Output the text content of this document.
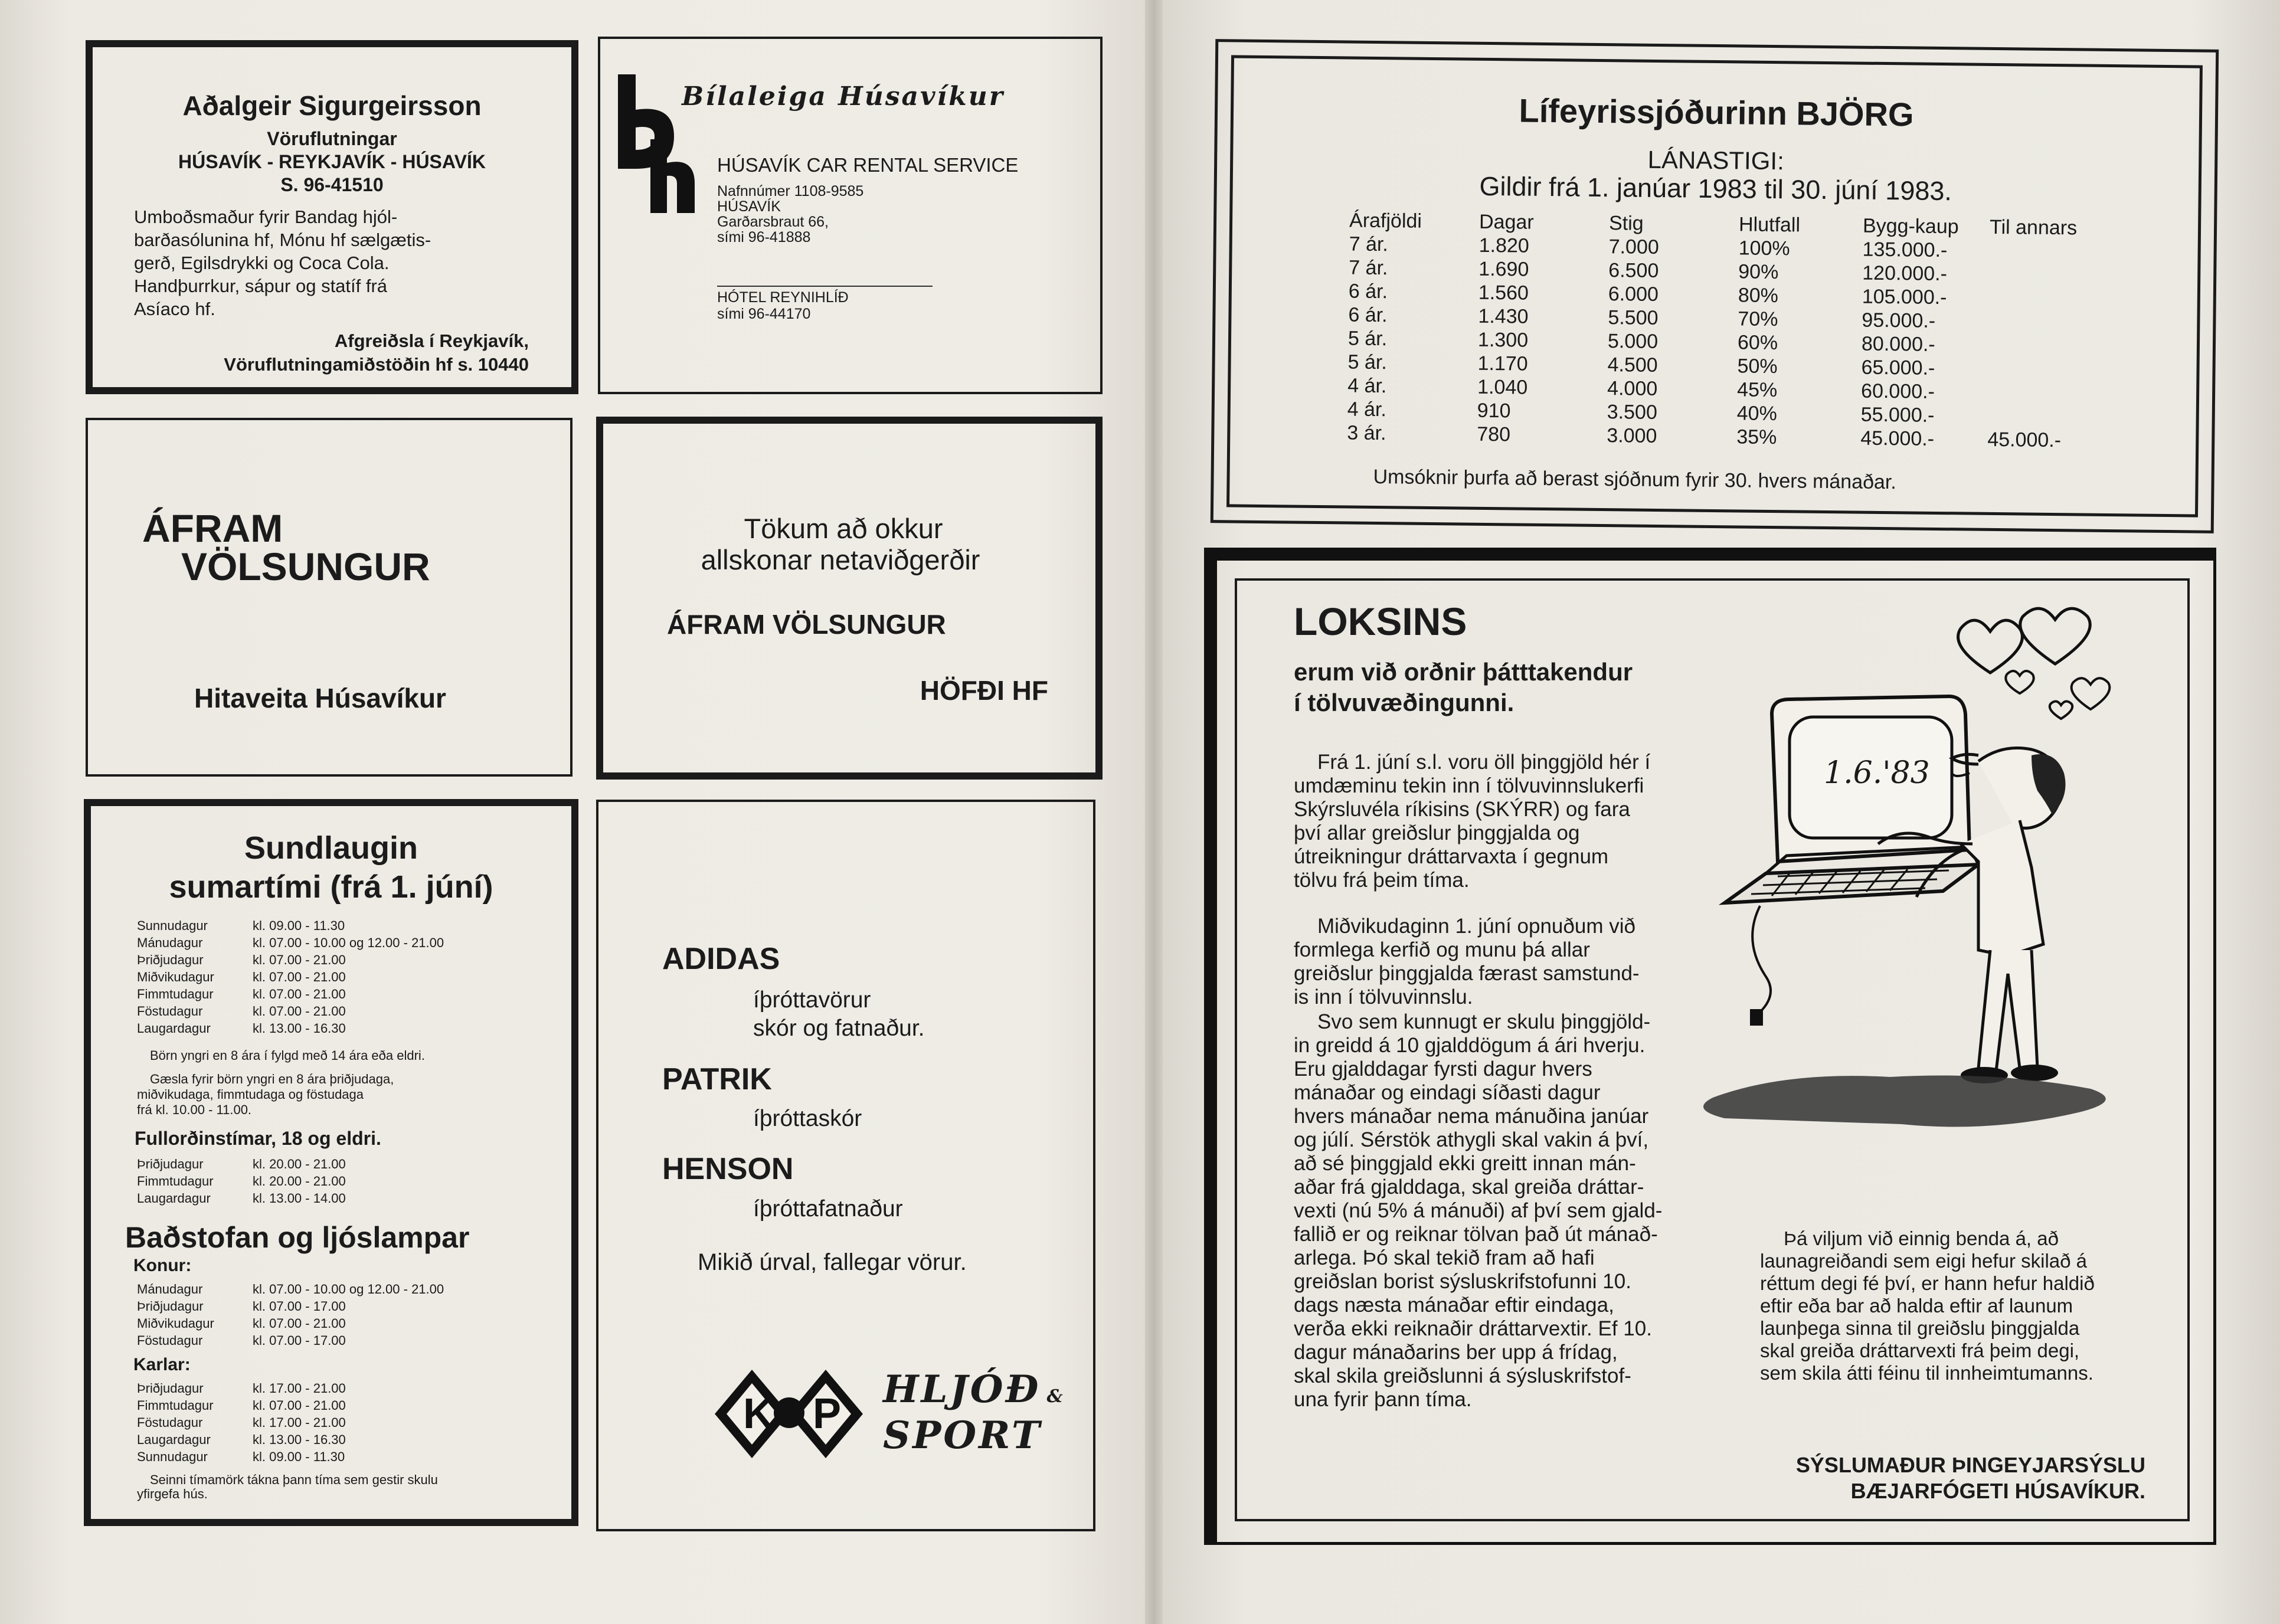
Aðalgeir Sigurgeirsson
Vöruflutningar
HÚSAVÍK - REYKJAVÍK - HÚSAVÍK
S. 96-41510
Umboðsmaður fyrir Bandag hjól-
barðasólunina hf, Mónu hf sælgætis-
gerð, Egilsdrykki og Coca Cola.
Handþurrkur, sápur og statíf frá
Asíaco hf.
Afgreiðsla í Reykjavík,
Vöruflutningamiðstöðin hf s. 10440
Bílaleiga Húsavíkur
HÚSAVÍK CAR RENTAL SERVICE
Nafnnúmer 1108-9585
HÚSAVÍK
Garðarsbraut 66,
sími 96-41888
HÓTEL REYNIHLÍÐ
sími 96-44170
ÁFRAM
VÖLSUNGUR
Hitaveita Húsavíkur
Tökum að okkur
allskonar netaviðgerðir
ÁFRAM VÖLSUNGUR
HÖFÐI HF
Sundlaugin
sumartími (frá 1. júní)
Sunnudagur	kl. 09.00 - 11.30
Mánudagur	kl. 07.00 - 10.00 og 12.00 - 21.00
Þriðjudagur	kl. 07.00 - 21.00
Miðvikudagur	kl. 07.00 - 21.00
Fimmtudagur	kl. 07.00 - 21.00
Föstudagur	kl. 07.00 - 21.00
Laugardagur	kl. 13.00 - 16.30
Börn yngri en 8 ára í fylgd með 14 ára eða eldri.
Gæsla fyrir börn yngri en 8 ára þriðjudaga,
miðvikudaga, fimmtudaga og föstudaga
frá kl. 10.00 - 11.00.
Fullorðinstímar, 18 og eldri.
Þriðjudagur	kl. 20.00 - 21.00
Fimmtudagur	kl. 20.00 - 21.00
Laugardagur	kl. 13.00 - 14.00
Baðstofan og ljóslampar
Konur:
Mánudagur	kl. 07.00 - 10.00 og 12.00 - 21.00
Þriðjudagur	kl. 07.00 - 17.00
Miðvikudagur	kl. 07.00 - 21.00
Föstudagur	kl. 07.00 - 17.00
Karlar:
Þriðjudagur	kl. 17.00 - 21.00
Fimmtudagur	kl. 07.00 - 21.00
Föstudagur	kl. 17.00 - 21.00
Laugardagur	kl. 13.00 - 16.30
Sunnudagur	kl. 09.00 - 11.30
Seinni tímamörk tákna þann tíma sem gestir skulu
yfirgefa hús.
ADIDAS
íþróttavörur
skór og fatnaður.
PATRIK
íþróttaskór
HENSON
íþróttafatnaður
Mikið úrval, fallegar vörur.
K P
HLJÓÐ &
SPORT
Lífeyrissjóðurinn BJÖRG
LÁNASTIGI:
Gildir frá 1. janúar 1983 til 30. júní 1983.
Árafjöldi	Dagar	Stig	Hlutfall	Bygg-kaup	Til annars
7 ár.	1.820	7.000	100%	135.000.-	
7 ár.	1.690	6.500	90%	120.000.-	
6 ár.	1.560	6.000	80%	105.000.-	
6 ár.	1.430	5.500	70%	95.000.-	
5 ár.	1.300	5.000	60%	80.000.-	
5 ár.	1.170	4.500	50%	65.000.-	
4 ár.	1.040	4.000	45%	60.000.-	
4 ár.	910	3.500	40%	55.000.-	
3 ár.	780	3.000	35%	45.000.-	45.000.-
Umsóknir þurfa að berast sjóðnum fyrir 30. hvers mánaðar.
LOKSINS
erum við orðnir þátttakendur
í tölvuvæðingunni.
Frá 1. júní s.l. voru öll þinggjöld hér í
umdæminu tekin inn í tölvuvinnslukerfi
Skýrsluvéla ríkisins (SKÝRR) og fara
því allar greiðslur þinggjalda og
útreikningur dráttarvaxta í gegnum
tölvu frá þeim tíma.
Miðvikudaginn 1. júní opnuðum við
formlega kerfið og munu þá allar
greiðslur þinggjalda færast samstund-
is inn í tölvuvinnslu.
Svo sem kunnugt er skulu þinggjöld-
in greidd á 10 gjalddögum á ári hverju.
Eru gjalddagar fyrsti dagur hvers
mánaðar og eindagi síðasti dagur
hvers mánaðar nema mánuðina janúar
og júlí. Sérstök athygli skal vakin á því,
að sé þinggjald ekki greitt innan mán-
aðar frá gjalddaga, skal greiða dráttar-
vexti (nú 5% á mánuði) af því sem gjald-
fallið er og reiknar tölvan það út mánað-
arlega. Þó skal tekið fram að hafi
greiðslan borist sýsluskrifstofunni 10.
dags næsta mánaðar eftir eindaga,
verða ekki reiknaðir dráttarvextir. Ef 10.
dagur mánaðarins ber upp á frídag,
skal skila greiðslunni á sýsluskrifstof-
una fyrir þann tíma.
Þá viljum við einnig benda á, að
launagreiðandi sem eigi hefur skilað á
réttum degi fé því, er hann hefur haldið
eftir eða bar að halda eftir af launum
launþega sinna til greiðslu þinggjalda
skal greiða dráttarvexti frá þeim degi,
sem skila átti féinu til innheimtumanns.
1.6.'83
SÝSLUMAÐUR ÞINGEYJARSÝSLU
BÆJARFÓGETI HÚSAVÍKUR.
